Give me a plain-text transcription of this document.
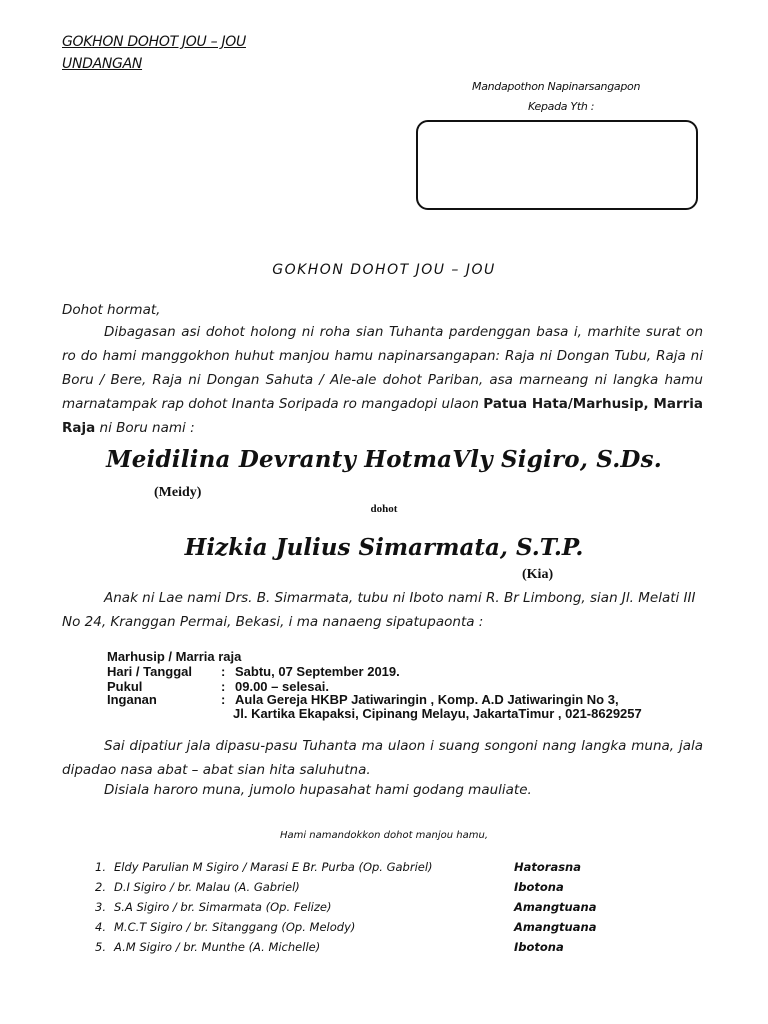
GOKHON DOHOT JOU – JOU
UNDANGAN
Mandapothon Napinarsangapon
Kepada Yth :
GOKHON DOHOT JOU – JOU
Dohot hormat,
Dibagasan asi dohot holong ni roha sian Tuhanta pardenggan basa i, marhite surat on ro do hami manggokhon huhut manjou hamu napinarsangapan: Raja ni Dongan Tubu, Raja ni Boru / Bere, Raja ni Dongan Sahuta / Ale-ale dohot Pariban, asa marneang ni langka hamu marnatampak rap dohot Inanta Soripada ro mangadopi ulaon Patua Hata/Marhusip, Marria Raja ni Boru nami :
Meidilina Devranty HotmaVly Sigiro, S.Ds.
(Meidy)
dohot
Hizkia Julius Simarmata, S.T.P.
(Kia)
Anak ni Lae nami Drs. B. Simarmata, tubu ni Iboto nami R. Br Limbong, sian Jl. Melati III No 24, Kranggan Permai, Bekasi, i ma nanaeng sipatupaonta :
Marhusip / Marria raja
Hari / Tanggal : Sabtu, 07 September 2019.
Pukul	: 09.00 – selesai.
Inganan	: Aula Gereja HKBP Jatiwaringin , Komp. A.D Jatiwaringin No 3,
Jl. Kartika Ekapaksi, Cipinang Melayu, JakartaTimur , 021-8629257
Sai dipatiur jala dipasu-pasu Tuhanta ma ulaon i suang songoni nang langka muna, jala dipadao nasa abat – abat sian hita saluhutna.
Disiala haroro muna, jumolo hupasahat hami godang mauliate.
Hami namandokkon dohot manjou hamu,
1. Eldy Parulian M Sigiro / Marasi E Br. Purba (Op. Gabriel)	Hatorasna
2. D.I Sigiro / br. Malau (A. Gabriel)	Ibotona
3. S.A Sigiro / br. Simarmata (Op. Felize)	Amangtuana
4. M.C.T Sigiro / br. Sitanggang (Op. Melody)	Amangtuana
5. A.M Sigiro / br. Munthe (A. Michelle)	Ibotona
